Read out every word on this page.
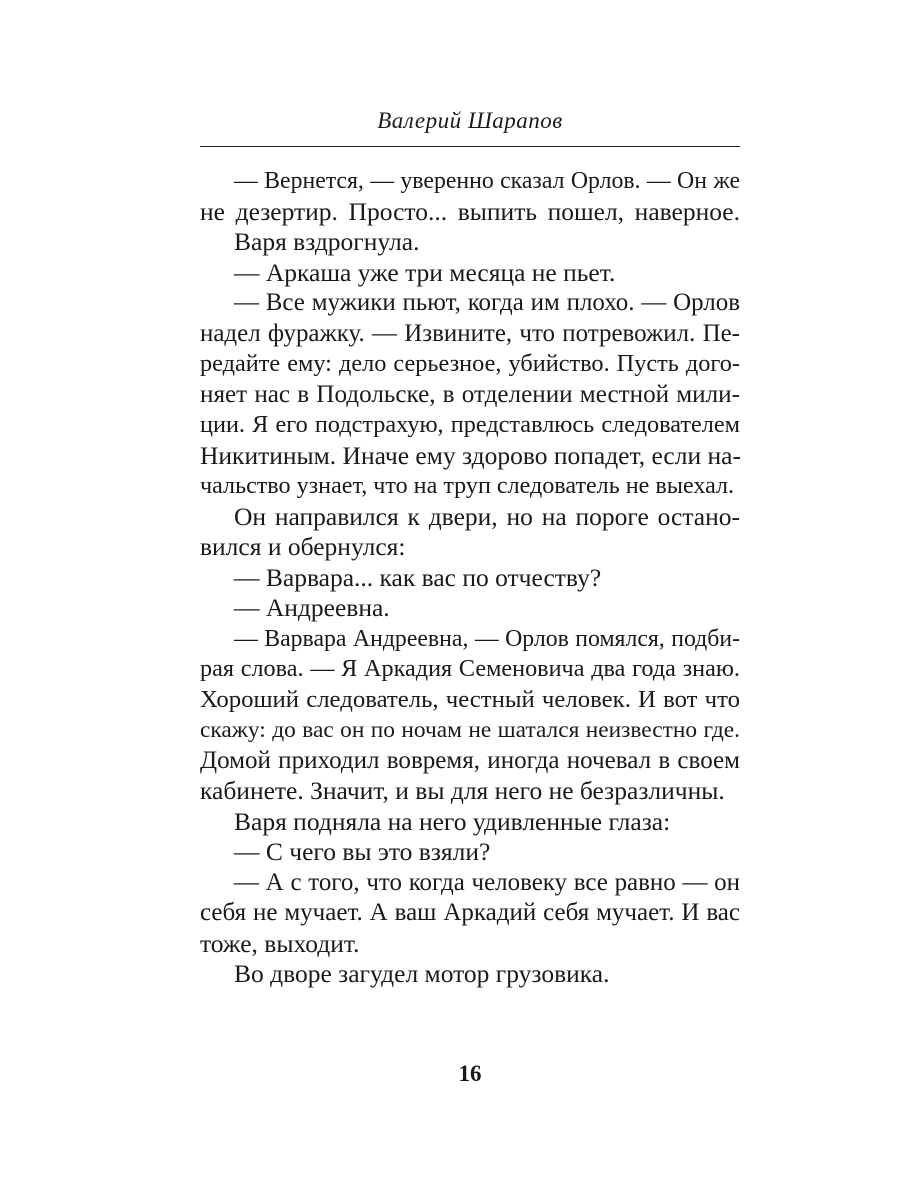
Валерий Шарапов
— Вернется, — уверенно сказал Орлов. — Он же
не дезертир. Просто... выпить пошел, наверное.
Варя вздрогнула.
— Аркаша уже три месяца не пьет.
— Все мужики пьют, когда им плохо. — Орлов
надел фуражку. — Извините, что потревожил. Пе-
редайте ему: дело серьезное, убийство. Пусть дого-
няет нас в Подольске, в отделении местной мили-
ции. Я его подстрахую, представлюсь следователем
Никитиным. Иначе ему здорово попадет, если на-
чальство узнает, что на труп следователь не выехал.
Он направился к двери, но на пороге остано-
вился и обернулся:
— Варвара... как вас по отчеству?
— Андреевна.
— Варвара Андреевна, — Орлов помялся, подби-
рая слова. — Я Аркадия Семеновича два года знаю.
Хороший следователь, честный человек. И вот что
скажу: до вас он по ночам не шатался неизвестно где.
Домой приходил вовремя, иногда ночевал в своем
кабинете. Значит, и вы для него не безразличны.
Варя подняла на него удивленные глаза:
— С чего вы это взяли?
— А с того, что когда человеку все равно — он
себя не мучает. А ваш Аркадий себя мучает. И вас
тоже, выходит.
Во дворе загудел мотор грузовика.
16
